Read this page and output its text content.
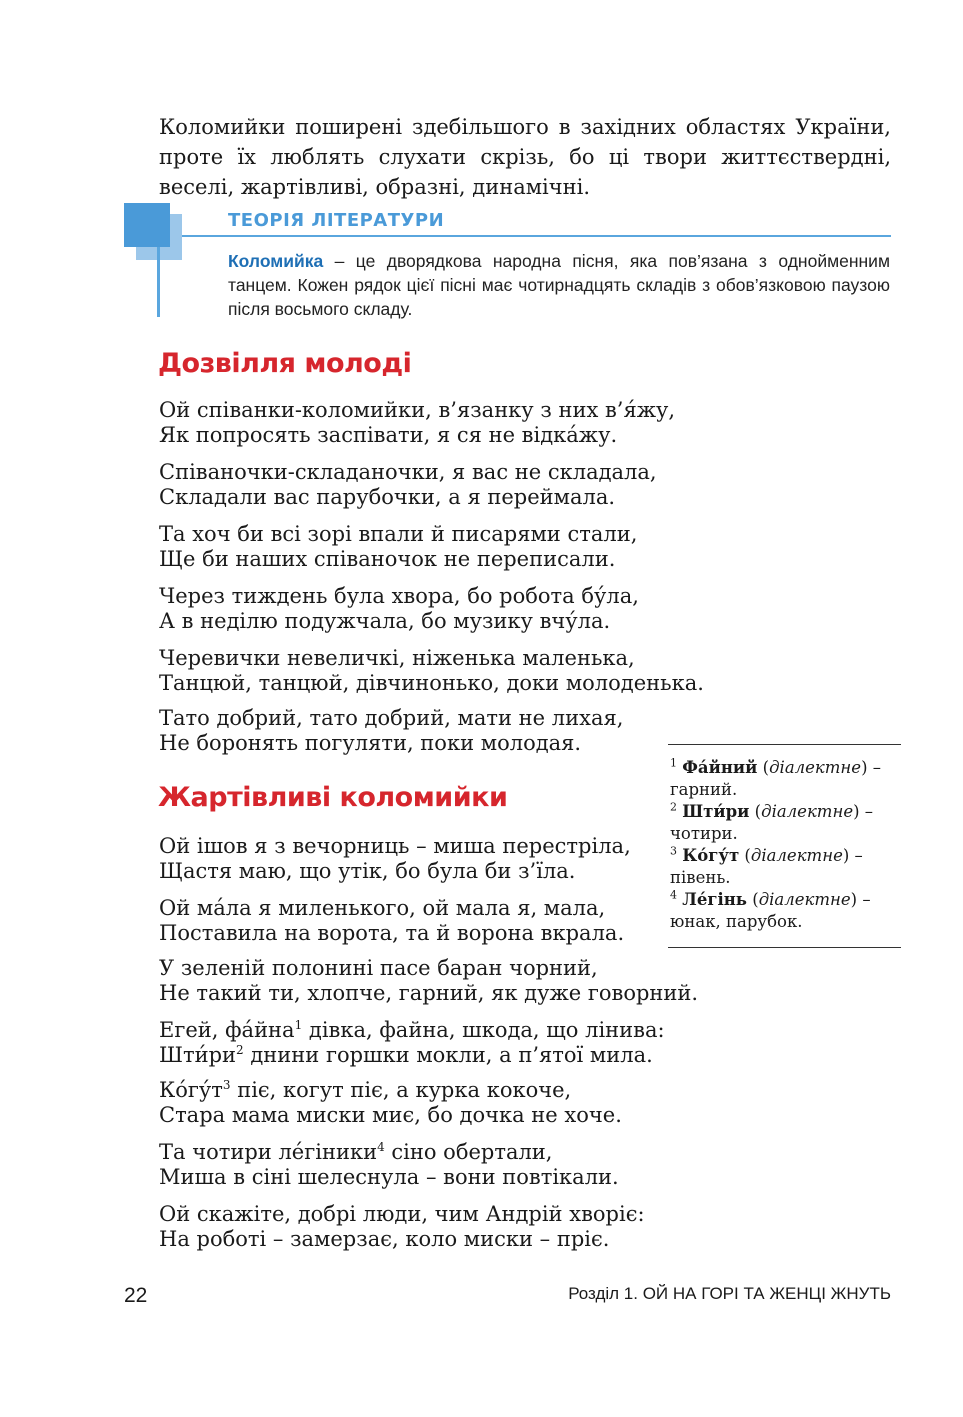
Коломийки поширені здебільшого в західних областях України, проте їх люблять слухати скрізь, бо ці твори життєствердні, веселі, жартівливі, образні, динамічні.

ТЕОРІЯ ЛІТЕРАТУРИ

Коломийка – це дворядкова народна пісня, яка пов’язана з однойменним танцем. Кожен рядок цієї пісні має чотирнадцять складів з обов’язковою паузою після восьмого складу.

Дозвілля молоді

Ой співанки-коломийки, в’язанку з них в’я́жу,
Як попросять заспівати, я ся не відка́жу.

Співаночки-складаночки, я вас не складала,
Складали вас парубочки, а я переймала.

Та хоч би всі зорі впали й писарями стали,
Ще би наших співаночок не переписали.

Через тиждень була хвора, бо робота бу́ла,
А в неділю подужчала, бо музику вчу́ла.

Черевички невеличкі, ніженька маленька,
Танцюй, танцюй, дівчинонько, доки молоденька.

Тато добрий, тато добрий, мати не лихая,
Не боронять погуляти, поки молодая.

Жартівливі коломийки

Ой ішов я з вечорниць – миша перестріла,
Щастя маю, що утік, бо була би з’їла.

Ой ма́ла я миленького, ой мала я, мала,
Поставила на ворота, та й ворона вкрала.

У зеленій полонині пасе баран чорний,
Не такий ти, хлопче, гарний, як дуже говорний.

Егей, фа́йна$^1$ дівка, файна, шкода, що лінива:
Шти́ри$^2$ днини горшки мокли, а п’ятої мила.

Ко́гу́т$^3$ піє, когут піє, а курка кокоче,
Стара мама миски миє, бо дочка не хоче.

Та чотири ле́гіники$^4$ сіно обертали,
Миша в сіні шелеснула – вони повтікали.

Ой скажіте, добрі люди, чим Андрій хворіє:
На роботі – замерзає, коло миски – пріє.

$^1$ Фа́йний (діалектне) –
гарний.

$^2$ Шти́ри (діалектне) –
чотири.

$^3$ Ко́гу́т (діалектне) –
півень.

$^4$ Ле́гінь (діалектне) –
юнак, парубок.

22	Розділ 1. ОЙ НА ГОРІ ТА ЖЕНЦІ ЖНУТЬ
